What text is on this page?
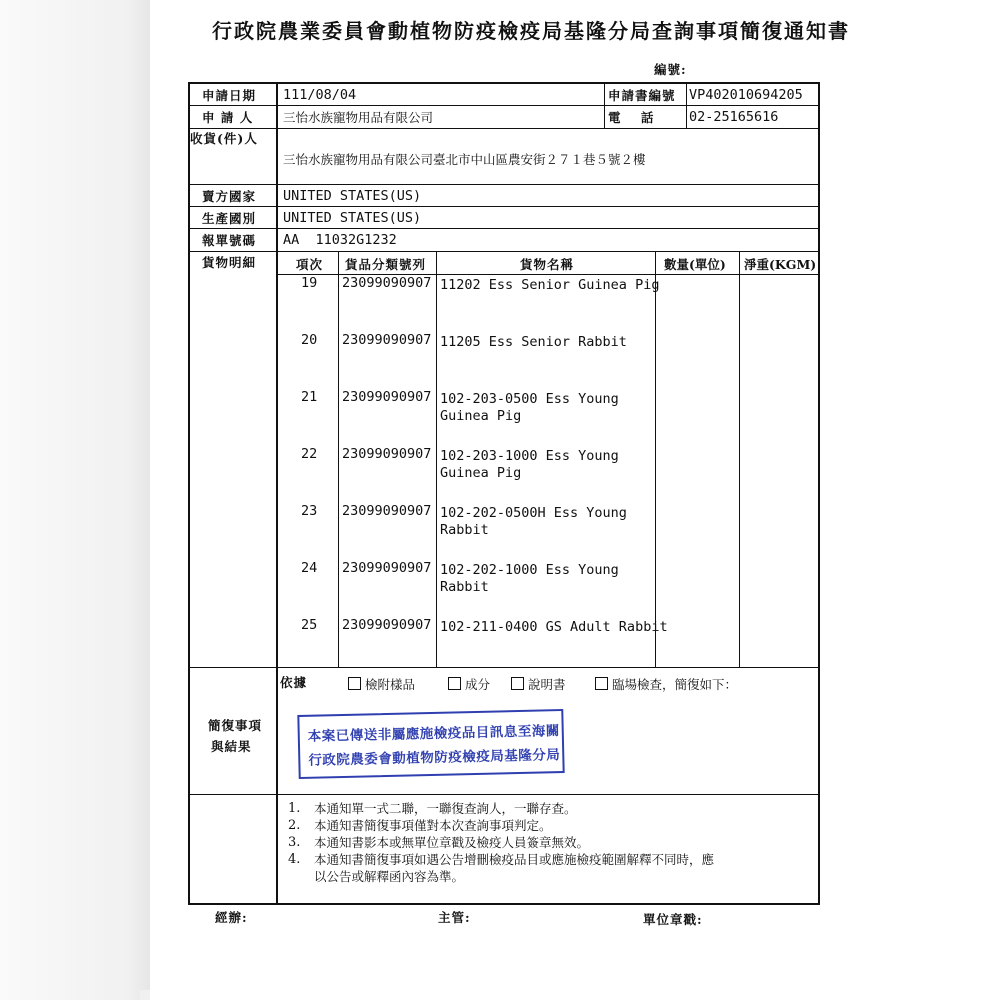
行政院農業委員會動植物防疫檢疫局基隆分局查詢事項簡復通知書
編號:
申請日期 111/08/04	申請書編號 VP402010694205
申 請 人 三怡水族寵物用品有限公司	電 話 02-25165616
收貨(件)人
三怡水族寵物用品有限公司臺北市中山區農安街２７１巷５號２樓
賣方國家 UNITED STATES(US)
生產國別 UNITED STATES(US)
報單號碼 AA  11032G1232
貨物明細	項次 貨品分類號列	貨物名稱	數量(單位) 淨重(KGM)
19 23099090907 11202 Ess Senior Guinea Pig
20 23099090907 11205 Ess Senior Rabbit
21 23099090907 102-203-0500 Ess Young
Guinea Pig
22 23099090907 102-203-1000 Ess Young
Guinea Pig
23 23099090907 102-202-0500H Ess Young
Rabbit
24 23099090907 102-202-1000 Ess Young
Rabbit
25 23099090907 102-211-0400 GS Adult Rabbit
依據	檢附樣品	成分	說明書	臨場檢查，簡復如下：
簡復事項
與結果
本案已傳送非屬應施檢疫品目訊息至海關
行政院農委會動植物防疫檢疫局基隆分局
1. 本通知單一式二聯，一聯復查詢人，一聯存查。
2. 本通知書簡復事項僅對本次查詢事項判定。
3. 本通知書影本或無單位章戳及檢疫人員簽章無效。
4. 本通知書簡復事項如遇公告增刪檢疫品目或應施檢疫範圍解釋不同時，應
以公告或解釋函內容為準。
經辦:	主管:	單位章戳:
